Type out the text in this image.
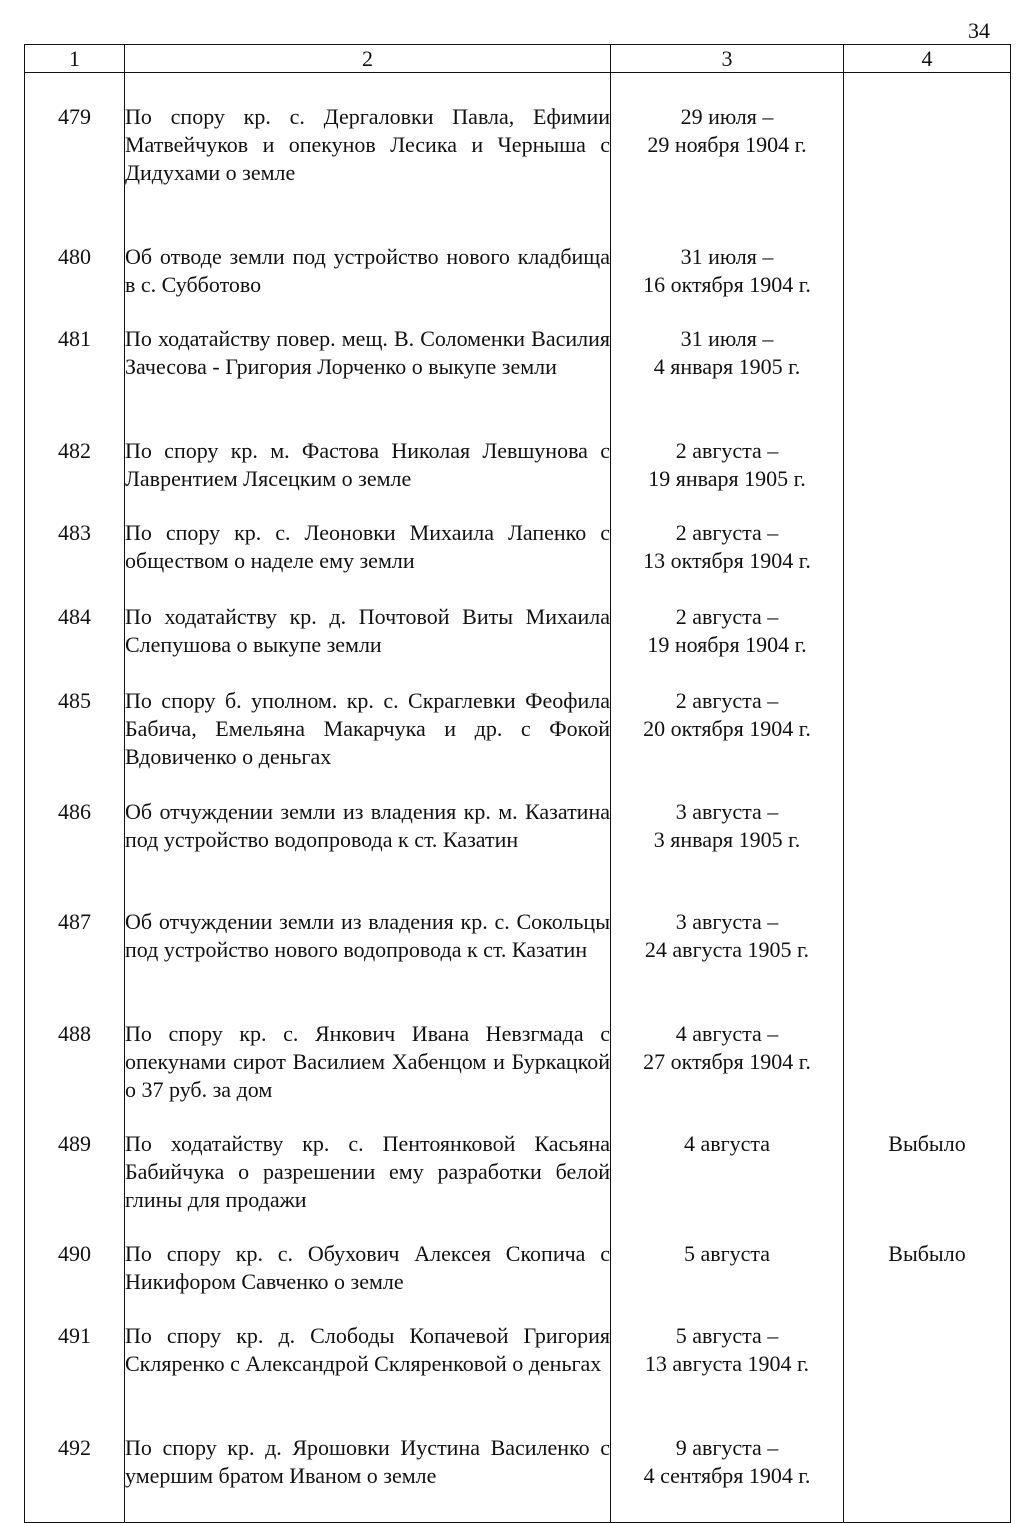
34
1	2	3	4
479	По спору кр. с. Дергаловки Павла, Ефимии Матвейчуков и опекунов Лесика и Чернышa с Дидухами о земле	29 июля –
29 ноября 1904 г.	

480	Об отводе земли под устройство нового кладбища в с. Субботово	31 июля –
16 октября 1904 г.	

481	По ходатайству повер. мещ. В. Соломенки Василия Зачесова - Григория Лорченко о выкупе земли	31 июля –
4 января 1905 г.	

482	По спору кр. м. Фастова Николая Левшунова с Лаврентием Лясецким о земле	2 августа –
19 января 1905 г.	

483	По спору кр. с. Леоновки Михаила Лапенко с обществом о наделе ему земли	2 августа –
13 октября 1904 г.	

484	По ходатайству кр. д. Почтовой Виты Михаила Слепушова о выкупе земли	2 августа –
19 ноября 1904 г.	

485	По спору б. уполном. кр. с. Скраглевки Феофила Бабича, Емельяна Макарчука и др. с Фокой Вдовиченко о деньгах	2 августа –
20 октября 1904 г.	

486	Об отчуждении земли из владения кр. м. Казатина под устройство водопровода к ст. Казатин	3 августа –
3 января 1905 г.	

487	Об отчуждении земли из владения кр. с. Сокольцы под устройство нового водопровода к ст. Казатин	3 августа –
24 августа 1905 г.	

488	По спору кр. с. Янкович Ивана Невзгмада с опекунами сирот Василием Хабенцом и Буркацкой о 37 руб. за дом	4 августа –
27 октября 1904 г.	

489	По ходатайству кр. с. Пентоянковой Касьяна Бабийчука о разрешении ему разработки белой глины для продажи	4 августа	Выбыло
490	По спору кр. с. Обухович Алексея Скопича с Никифором Савченко о земле	5 августа	Выбыло
491	По спору кр. д. Слободы Копачевой Григория Скляренко с Александрой Скляренковой о деньгах	5 августа –
13 августа 1904 г.	

492	По спору кр. д. Ярошовки Иустина Василенко с умершим братом Иваном о земле	9 августа –
4 сентября 1904 г.	
